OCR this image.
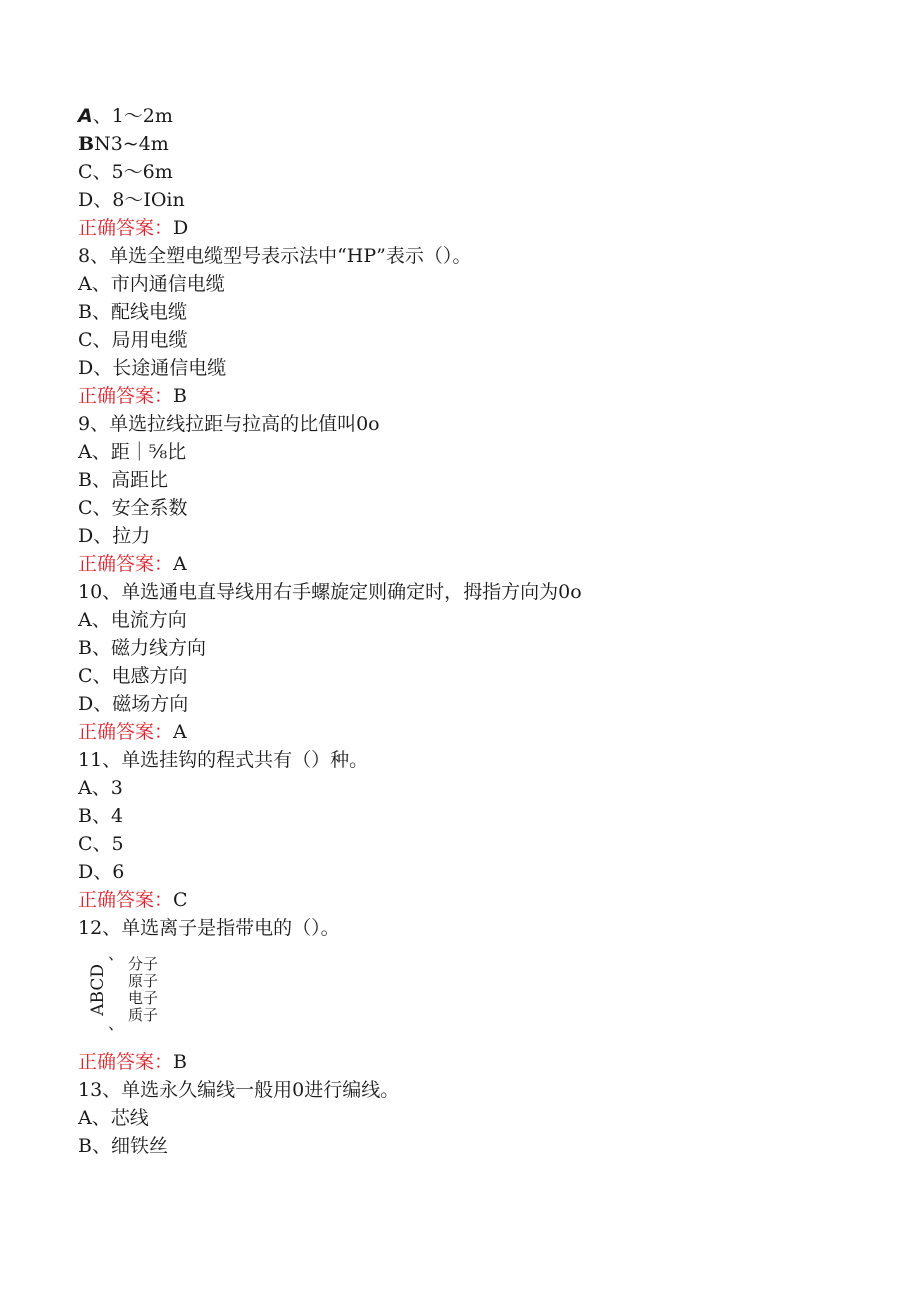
A、1～2m
BN3~4m
C、5～6m
D、8～IOin
正确答案：D
8、单选全塑电缆型号表示法中“HP”表示（）。
A、市内通信电缆
B、配线电缆
C、局用电缆
D、长途通信电缆
正确答案：B
9、单选拉线拉距与拉高的比值叫0o
A、距｜⅝比
B、高距比
C、安全系数
D、拉力
正确答案：A
10、单选通电直导线用右手螺旋定则确定时，拇指方向为0o
A、电流方向
B、磁力线方向
C、电感方向
D、磁场方向
正确答案：A
11、单选挂钩的程式共有（）种。
A、3
B、4
C、5
D、6
正确答案：C
12、单选离子是指带电的（）。
、
ABCD
、
分子
原子
电子
质子
正确答案：B
13、单选永久编线一般用0进行编线。
A、芯线
B、细铁丝
